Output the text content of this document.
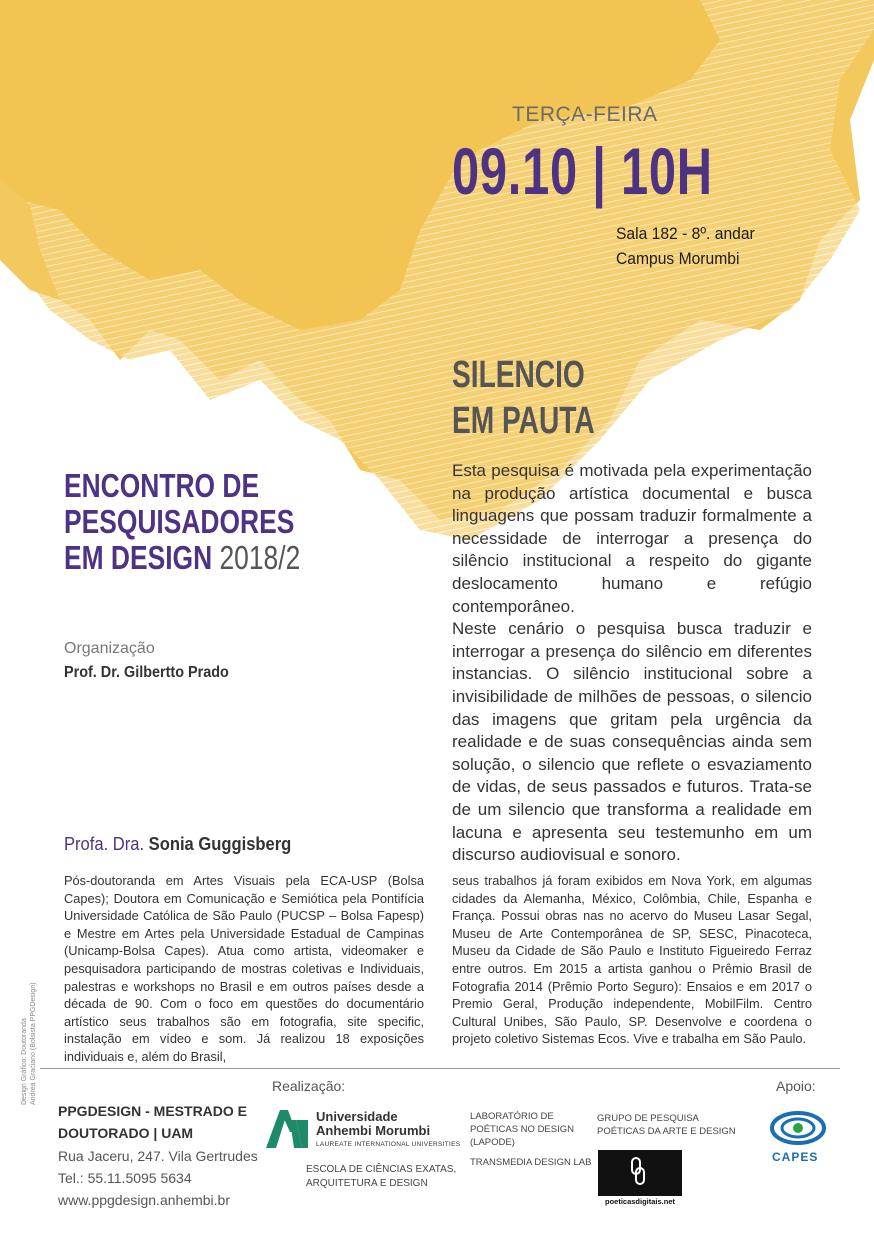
TERÇA-FEIRA
09.10 | 10H
Sala 182 - 8º. andar
Campus Morumbi
SILENCIO
EM PAUTA
ENCONTRO DE
PESQUISADORES
EM DESIGN 2018/2

Esta pesquisa é motivada pela experimentação na produção artística documental e busca linguagens que possam traduzir formalmente a necessidade de interrogar a presença do silêncio institucional a respeito do gigante deslocamento humano e refúgio contemporâneo.

Neste cenário o pesquisa busca traduzir e interrogar a presença do silêncio em diferentes instancias. O silêncio institucional sobre a invisibilidade de milhões de pessoas, o silencio das imagens que gritam pela urgência da realidade e de suas consequências ainda sem solução, o silencio que reflete o esvaziamento de vidas, de seus passados e futuros. Trata-se de um silencio que transforma a realidade em lacuna e apresenta seu testemunho em um discurso audiovisual e sonoro.

Organização
Prof. Dr. Gilbertto Prado
Profa. Dra. Sonia Guggisberg
Pós-doutoranda em Artes Visuais pela ECA-USP (Bolsa Capes); Doutora em Comunicação e Semiótica pela Pontifícia Universidade Católica de São Paulo (PUCSP – Bolsa Fapesp) e Mestre em Artes pela Universidade Estadual de Campinas (Unicamp-Bolsa Capes). Atua como artista, videomaker e pesquisadora participando de mostras coletivas e Individuais, palestras e workshops no Brasil e em outros países desde a década de 90. Com o foco em questões do documentário artístico seus trabalhos são em fotografia, site specific, instalação em vídeo e som. Já realizou 18 exposições individuais e, além do Brasil,
seus trabalhos já foram exibidos em Nova York, em algumas cidades da Alemanha, México, Colômbia, Chile, Espanha e França. Possui obras nas no acervo do Museu Lasar Segal, Museu de Arte Contemporânea de SP, SESC, Pinacoteca, Museu da Cidade de São Paulo e Instituto Figueiredo Ferraz entre outros. Em 2015 a artista ganhou o Prêmio Brasil de Fotografia 2014 (Prêmio Porto Seguro): Ensaios e em 2017 o Premio Geral, Produção independente, MobilFilm. Centro Cultural Unibes, São Paulo, SP. Desenvolve e coordena o projeto coletivo Sistemas Ecos. Vive e trabalha em São Paulo.
Design Gráfico: Doutoranda Andrea Graciano (Bolsista PPGDesign)
PPGDESIGN - MESTRADO E
DOUTORADO | UAM
Rua Jaceru, 247. Vila Gertrudes
Tel.: 55.11.5095 5634
www.ppgdesign.anhembi.br
Realização:	Apoio:
Universidade
Anhembi Morumbi
LAUREATE INTERNATIONAL UNIVERSITIES
ESCOLA DE CIÊNCIAS EXATAS, ARQUITETURA E DESIGN
LABORATÓRIO DE POÉTICAS NO DESIGN (LAPODE)
TRANSMEDIA DESIGN LAB
GRUPO DE PESQUISA POÉTICAS DA ARTE E DESIGN
poeticasdigitais.net
CAPES
